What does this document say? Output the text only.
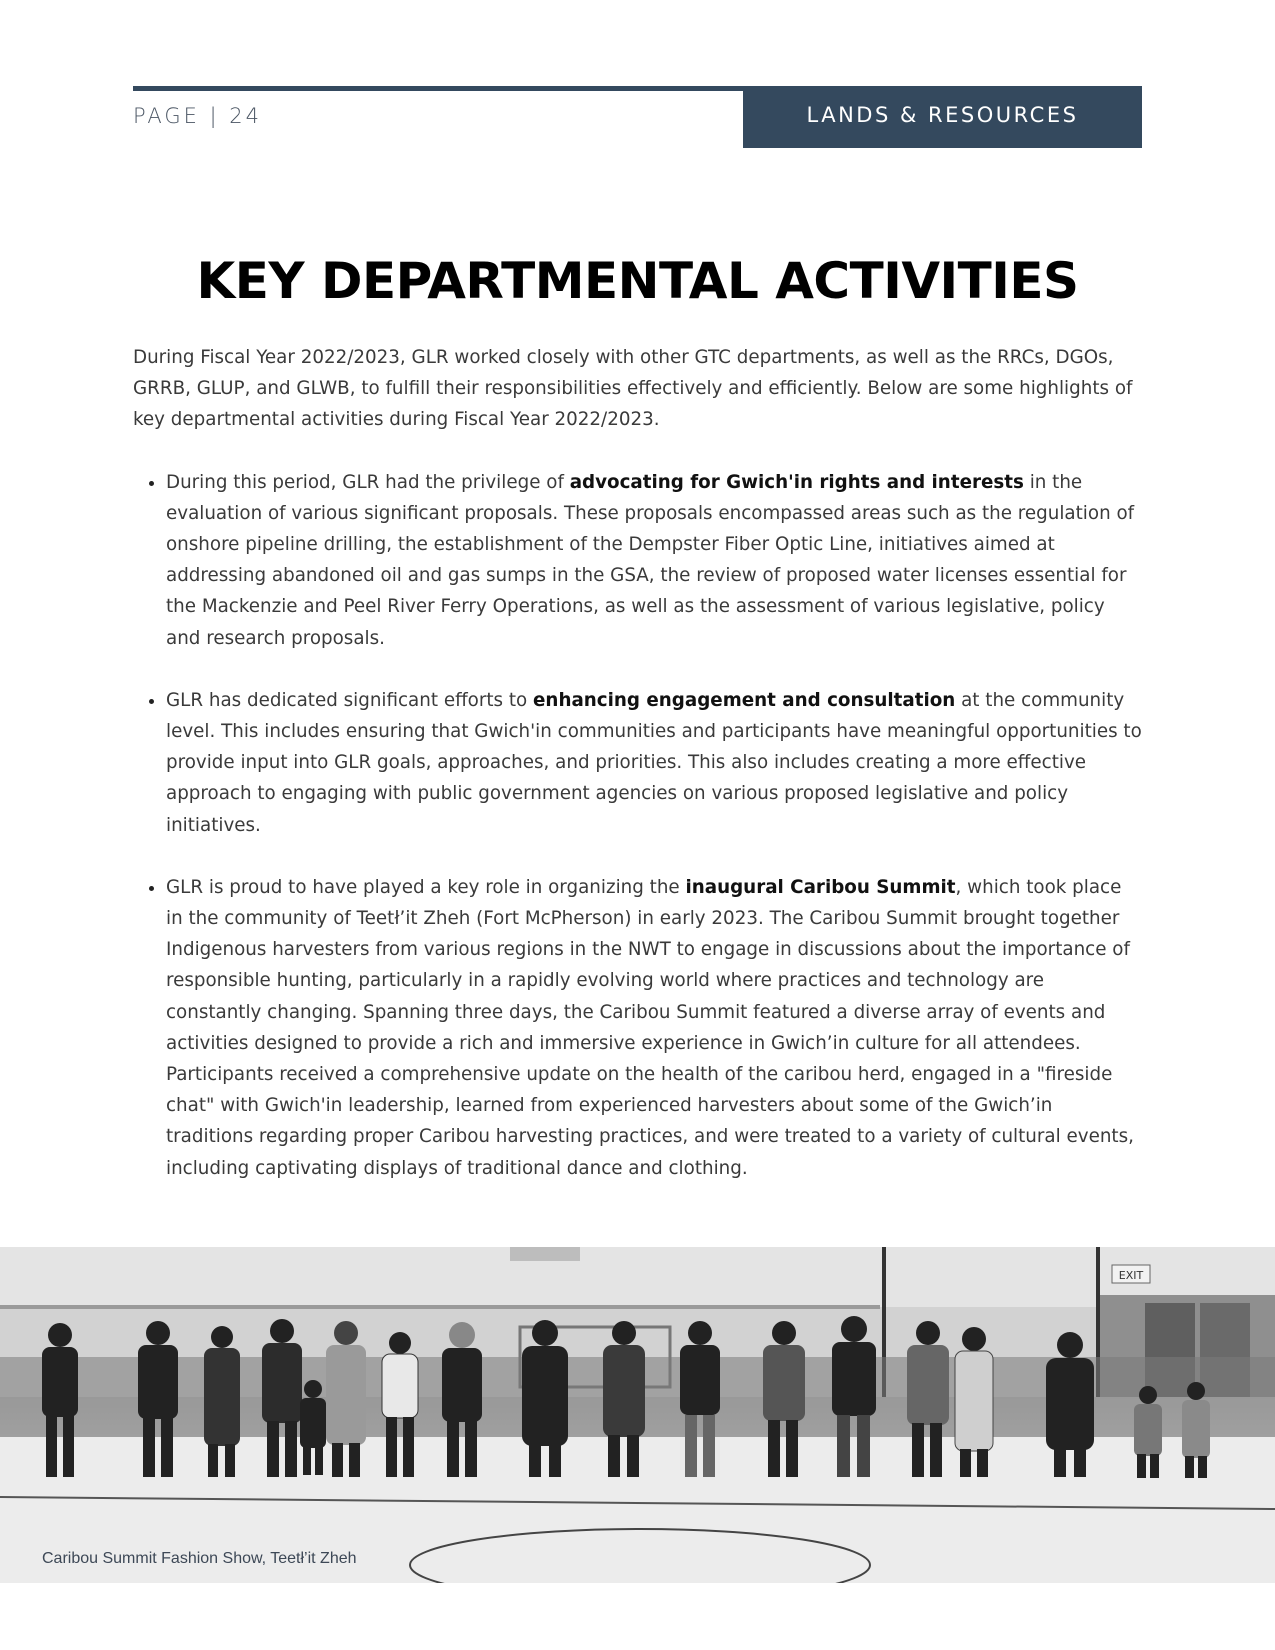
PAGE | 24	LANDS & RESOURCES
KEY DEPARTMENTAL ACTIVITIES

During Fiscal Year 2022/2023, GLR worked closely with other GTC departments, as well as the RRCs, DGOs, GRRB, GLUP, and GLWB, to fulfill their responsibilities effectively and efficiently. Below are some highlights of key departmental activities during Fiscal Year 2022/2023.

• During this period, GLR had the privilege of advocating for Gwich'in rights and interests in the evaluation of various significant proposals. These proposals encompassed areas such as the regulation of onshore pipeline drilling, the establishment of the Dempster Fiber Optic Line, initiatives aimed at addressing abandoned oil and gas sumps in the GSA, the review of proposed water licenses essential for the Mackenzie and Peel River Ferry Operations, as well as the assessment of various legislative, policy and research proposals.
• GLR has dedicated significant efforts to enhancing engagement and consultation at the community level. This includes ensuring that Gwich'in communities and participants have meaningful opportunities to provide input into GLR goals, approaches, and priorities. This also includes creating a more effective approach to engaging with public government agencies on various proposed legislative and policy initiatives.
• GLR is proud to have played a key role in organizing the inaugural Caribou Summit, which took place in the community of Teetł’it Zheh (Fort McPherson) in early 2023. The Caribou Summit brought together Indigenous harvesters from various regions in the NWT to engage in discussions about the importance of responsible hunting, particularly in a rapidly evolving world where practices and technology are constantly changing. Spanning three days, the Caribou Summit featured a diverse array of events and activities designed to provide a rich and immersive experience in Gwich’in culture for all attendees. Participants received a comprehensive update on the health of the caribou herd, engaged in a "fireside chat" with Gwich'in leadership, learned from experienced harvesters about some of the Gwich’in traditions regarding proper Caribou harvesting practices, and were treated to a variety of cultural events, including captivating displays of traditional dance and clothing.
EXIT
Caribou Summit Fashion Show, Teetł’it Zheh
